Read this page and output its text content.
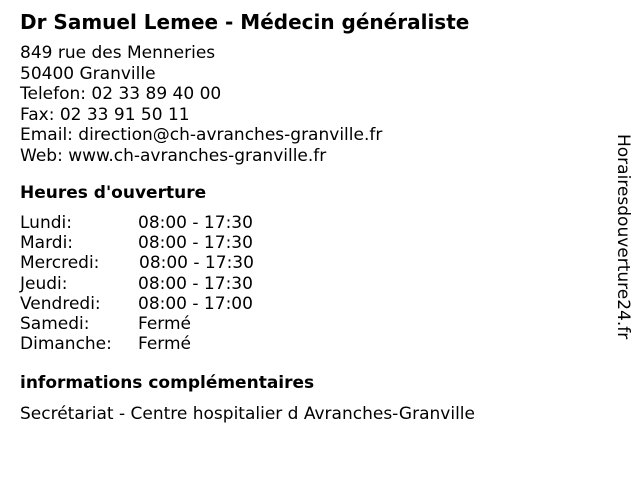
Dr Samuel Lemee - Médecin généraliste
849 rue des Menneries
50400 Granville
Telefon: 02 33 89 40 00
Fax: 02 33 91 50 11
Email: direction@ch-avranches-granville.fr
Web: www.ch-avranches-granville.fr
Heures d'ouverture
Lundi:	08:00 - 17:30
Mardi:	08:00 - 17:30
Mercredi: 08:00 - 17:30
Jeudi:	08:00 - 17:30
Vendredi: 08:00 - 17:00
Samedi:	Fermé
Dimanche: Fermé
informations complémentaires
Secrétariat - Centre hospitalier d Avranches-Granville
Horairesdouverture24.fr
